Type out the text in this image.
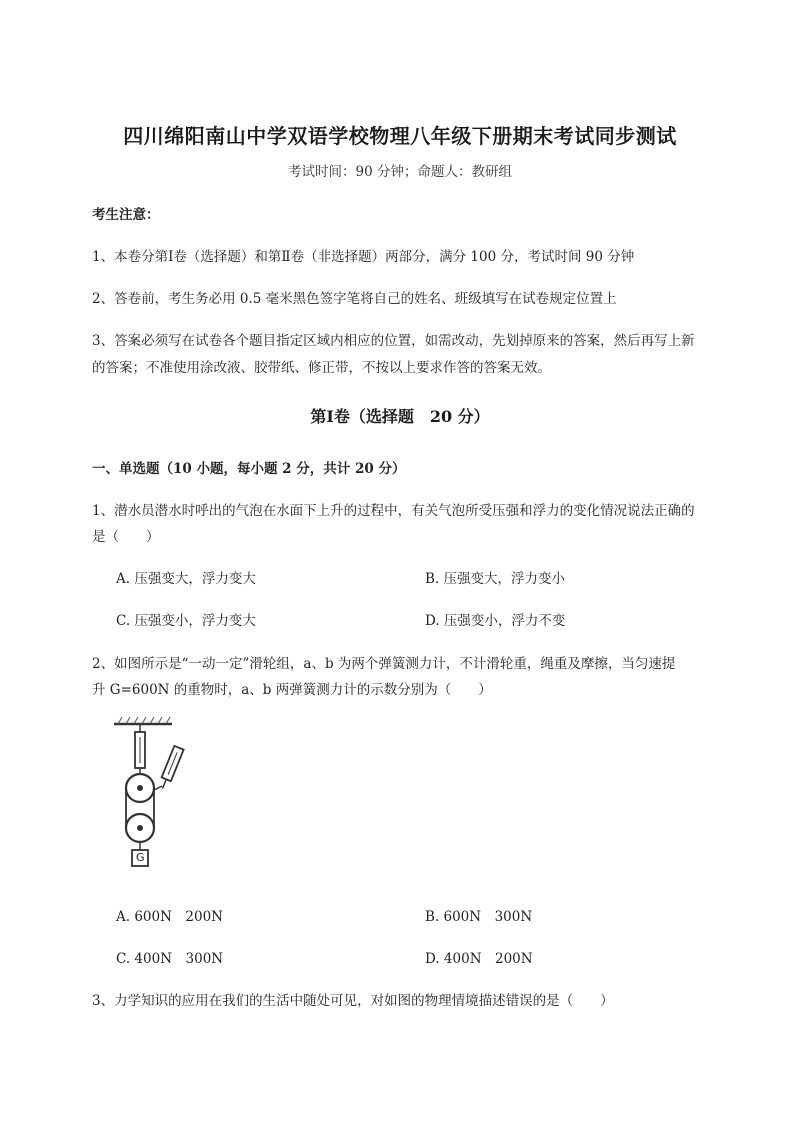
四川绵阳南山中学双语学校物理八年级下册期末考试同步测试
考试时间：90 分钟；命题人：教研组
考生注意：
1、本卷分第Ⅰ卷（选择题）和第Ⅱ卷（非选择题）两部分，满分 100 分，考试时间 90 分钟
2、答卷前，考生务必用 0.5 毫米黑色签字笔将自己的姓名、班级填写在试卷规定位置上
3、答案必须写在试卷各个题目指定区域内相应的位置，如需改动，先划掉原来的答案，然后再写上新
的答案；不准使用涂改液、胶带纸、修正带，不按以上要求作答的答案无效。
第Ⅰ卷（选择题　20 分）
一、单选题（10 小题，每小题 2 分，共计 20 分）
1、潜水员潜水时呼出的气泡在水面下上升的过程中，有关气泡所受压强和浮力的变化情况说法正确的
是（　　）
A. 压强变大，浮力变大	B. 压强变大，浮力变小
C. 压强变小，浮力变大	D. 压强变小，浮力不变
2、如图所示是“一动一定”滑轮组，a、b 为两个弹簧测力计，不计滑轮重，绳重及摩擦，当匀速提
升 G=600N 的重物时，a、b 两弹簧测力计的示数分别为（　　）
G
A. 600N　200N	B. 600N　300N
C. 400N　300N	D. 400N　200N
3、力学知识的应用在我们的生活中随处可见，对如图的物理情境描述错误的是（　　）
